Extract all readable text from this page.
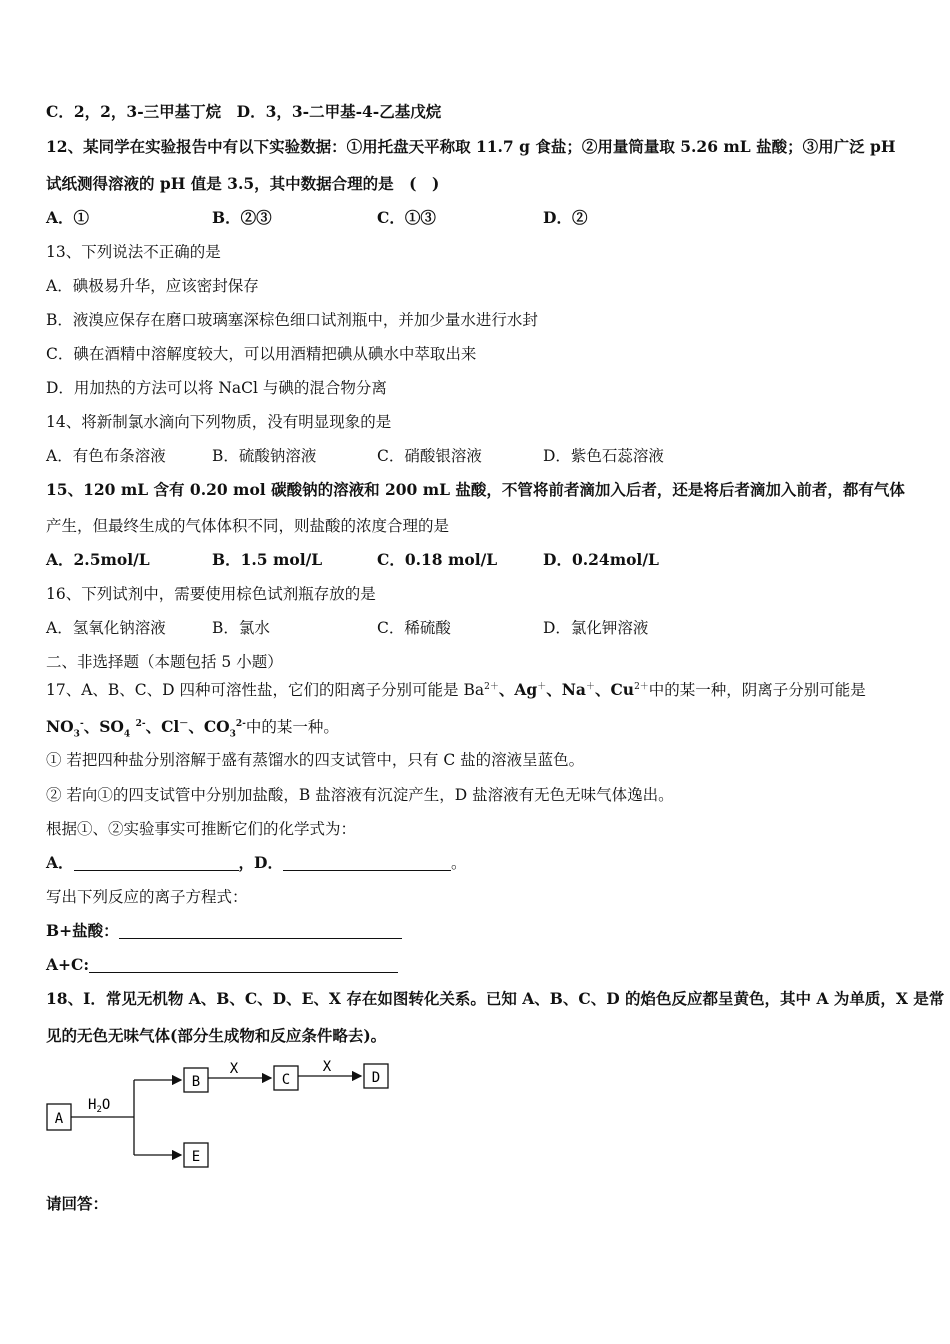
C．2，2，3-三甲基丁烷　D．3，3-二甲基-4-乙基戊烷
12、某同学在实验报告中有以下实验数据：①用托盘天平称取 11.7 g 食盐；②用量筒量取 5.26 mL 盐酸；③用广泛 pH
试纸测得溶液的 pH 值是 3.5，其中数据合理的是　(　)
A．①	B．②③	C．①③	D．②
13、下列说法不正确的是
A．碘极易升华，应该密封保存
B．液溴应保存在磨口玻璃塞深棕色细口试剂瓶中，并加少量水进行水封
C．碘在酒精中溶解度较大，可以用酒精把碘从碘水中萃取出来
D．用加热的方法可以将 NaCl 与碘的混合物分离
14、将新制氯水滴向下列物质，没有明显现象的是
A．有色布条溶液	B．硫酸钠溶液	C．硝酸银溶液	D．紫色石蕊溶液
15、120 mL 含有 0.20 mol 碳酸钠的溶液和 200 mL 盐酸，不管将前者滴加入后者，还是将后者滴加入前者，都有气体
产生，但最终生成的气体体积不同，则盐酸的浓度合理的是
A．2.5mol/L	B．1.5 mol/L	C．0.18 mol/L	D．0.24mol/L
16、下列试剂中，需要使用棕色试剂瓶存放的是
A．氢氧化钠溶液	B．氯水	C．稀硫酸	D．氯化钾溶液
二、非选择题（本题包括 5 小题）
17、A、B、C、D 四种可溶性盐，它们的阳离子分别可能是 $Ba^{2+}$、Ag＋、Na＋、$Cu^{2+}$中的某一种，阴离子分别可能是
$NO_3^-$、$SO_4$ $^{2-}$、Cl－、$CO_3^{2-}$中的某一种。
① 若把四种盐分别溶解于盛有蒸馏水的四支试管中，只有 C 盐的溶液呈蓝色。
② 若向①的四支试管中分别加盐酸，B 盐溶液有沉淀产生，D 盐溶液有无色无味气体逸出。
根据①、②实验事实可推断它们的化学式为：
A．	，D．	。
写出下列反应的离子方程式：
B+盐酸：
A+C:
18、I．常见无机物 A、B、C、D、E、X 存在如图转化关系。已知 A、B、C、D 的焰色反应都呈黄色，其中 A 为单质，X 是常
见的无色无味气体(部分生成物和反应条件略去)。
A
$H_2O$
B
X
C
X
D
E
请回答：
